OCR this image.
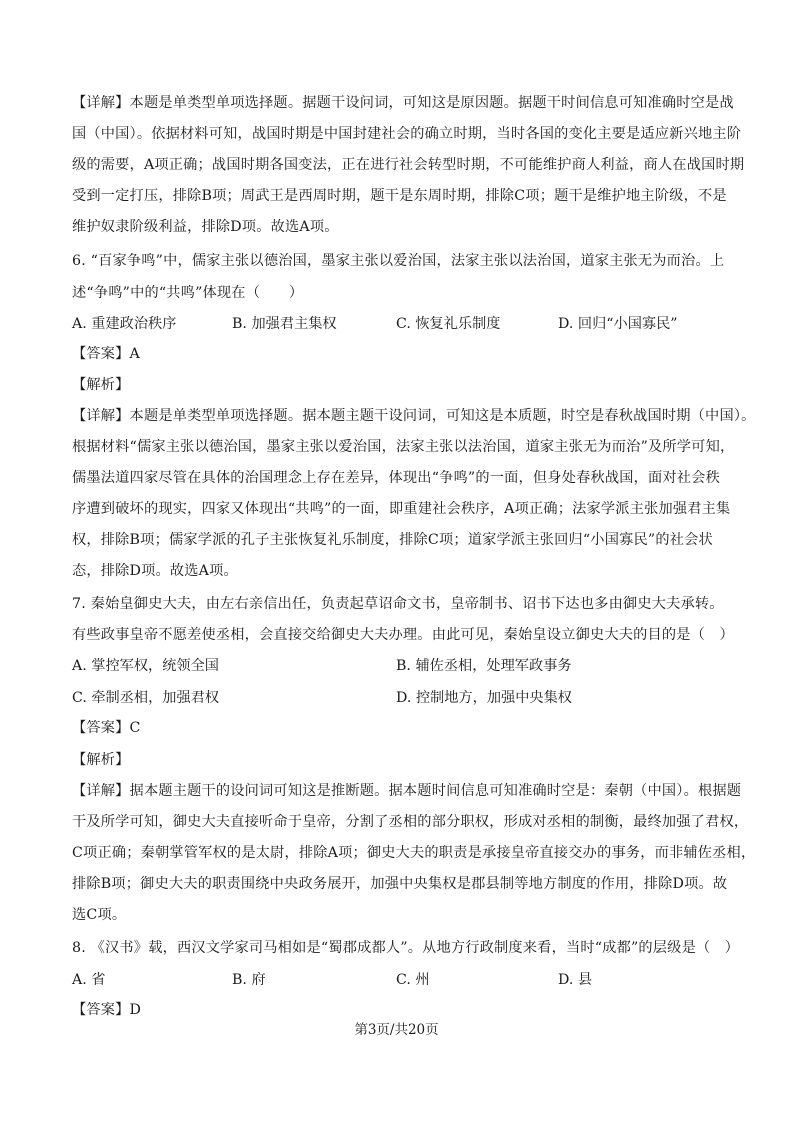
【详解】本题是单类型单项选择题。据题干设问词，可知这是原因题。据题干时间信息可知准确时空是战
国（中国）。依据材料可知，战国时期是中国封建社会的确立时期，当时各国的变化主要是适应新兴地主阶
级的需要，A项正确；战国时期各国变法，正在进行社会转型时期，不可能维护商人利益，商人在战国时期
受到一定打压，排除B项；周武王是西周时期，题干是东周时期，排除C项；题干是维护地主阶级，不是
维护奴隶阶级利益，排除D项。故选A项。
6. “百家争鸣”中，儒家主张以德治国，墨家主张以爱治国，法家主张以法治国，道家主张无为而治。上
述“争鸣”中的“共鸣”体现在（　　）
A. 重建政治秩序	B. 加强君主集权	C. 恢复礼乐制度	D. 回归“小国寡民”
【答案】A
【解析】
【详解】本题是单类型单项选择题。据本题主题干设问词，可知这是本质题，时空是春秋战国时期（中国）。
根据材料“儒家主张以德治国，墨家主张以爱治国，法家主张以法治国，道家主张无为而治”及所学可知，
儒墨法道四家尽管在具体的治国理念上存在差异，体现出“争鸣”的一面，但身处春秋战国，面对社会秩
序遭到破坏的现实，四家又体现出“共鸣”的一面，即重建社会秩序，A项正确；法家学派主张加强君主集
权，排除B项；儒家学派的孔子主张恢复礼乐制度，排除C项；道家学派主张回归“小国寡民”的社会状
态，排除D项。故选A项。
7. 秦始皇御史大夫，由左右亲信出任，负责起草诏命文书，皇帝制书、诏书下达也多由御史大夫承转。
有些政事皇帝不愿差使丞相，会直接交给御史大夫办理。由此可见，秦始皇设立御史大夫的目的是（　）
A. 掌控军权，统领全国	B. 辅佐丞相，处理军政事务
C. 牵制丞相，加强君权	D. 控制地方，加强中央集权
【答案】C
【解析】
【详解】据本题主题干的设问词可知这是推断题。据本题时间信息可知准确时空是：秦朝（中国）。根据题
干及所学可知，御史大夫直接听命于皇帝，分割了丞相的部分职权，形成对丞相的制衡，最终加强了君权，
C项正确；秦朝掌管军权的是太尉，排除A项；御史大夫的职责是承接皇帝直接交办的事务，而非辅佐丞相，
排除B项；御史大夫的职责围绕中央政务展开，加强中央集权是郡县制等地方制度的作用，排除D项。故
选C项。
8. 《汉书》载，西汉文学家司马相如是“蜀郡成都人”。从地方行政制度来看，当时“成都”的层级是（　）
A. 省	B. 府	C. 州	D. 县
【答案】D
第3页/共20页
